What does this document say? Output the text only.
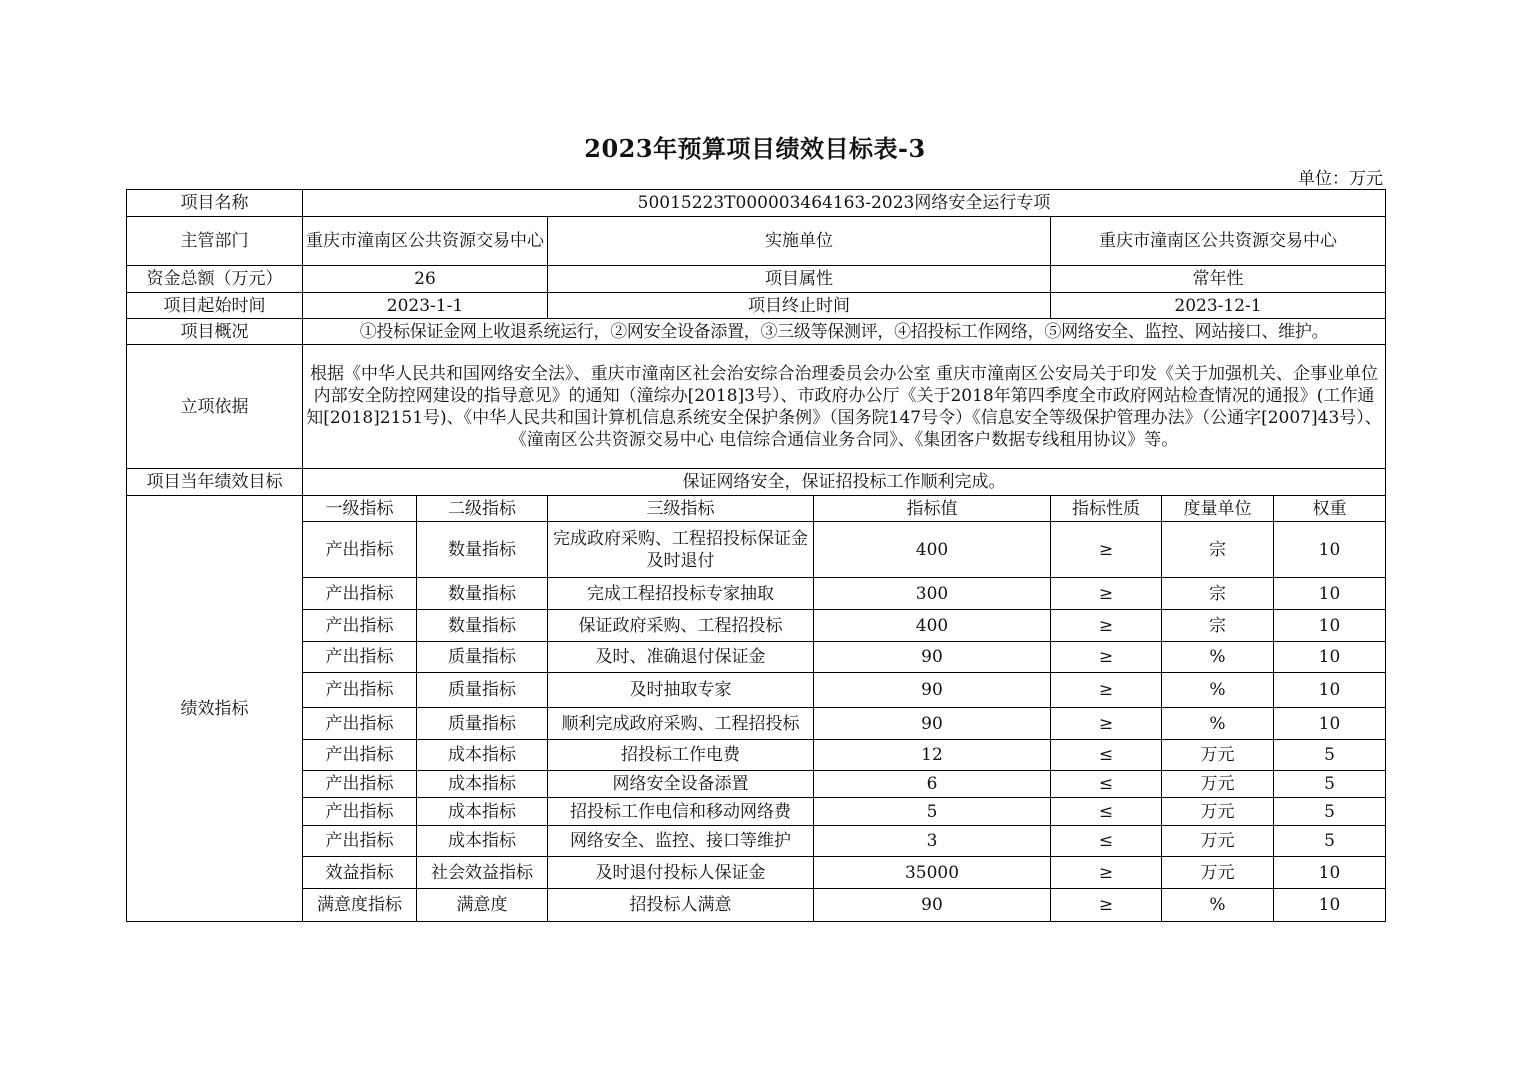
2023年预算项目绩效目标表-3
单位：万元
项目名称	50015223T000003464163-2023网络安全运行专项						
主管部门	重庆市潼南区公共资源交易中心		实施单位		重庆市潼南区公共资源交易中心		
资金总额（万元）	26		项目属性		常年性		
项目起始时间	2023-1-1		项目终止时间		2023-12-1		
项目概况	①投标保证金网上收退系统运行，②网安全设备添置，③三级等保测评，④招投标工作网络，⑤网络安全、监控、网站接口、维护。						
立项依据	根据《中华人民共和国网络安全法》、重庆市潼南区社会治安综合治理委员会办公室 重庆市潼南区公安局关于印发《关于加强机关、企事业单位内部安全防控网建设的指导意见》的通知（潼综办[2018]3号）、市政府办公厅《关于2018年第四季度全市政府网站检查情况的通报》(工作通知[2018]2151号)、《中华人民共和国计算机信息系统安全保护条例》（国务院147号令）《信息安全等级保护管理办法》（公通字[2007]43号）、《潼南区公共资源交易中心 电信综合通信业务合同》、《集团客户数据专线租用协议》等。						
项目当年绩效目标	保证网络安全，保证招投标工作顺利完成。						
绩效指标	一级指标	二级指标	三级指标	指标值	指标性质	度量单位	权重
	产出指标	数量指标	完成政府采购、工程招投标保证金及时退付	400	≥	宗	10
	产出指标	数量指标	完成工程招投标专家抽取	300	≥	宗	10
	产出指标	数量指标	保证政府采购、工程招投标	400	≥	宗	10
	产出指标	质量指标	及时、准确退付保证金	90	≥	%	10
	产出指标	质量指标	及时抽取专家	90	≥	%	10
	产出指标	质量指标	顺利完成政府采购、工程招投标	90	≥	%	10
	产出指标	成本指标	招投标工作电费	12	≤	万元	5
	产出指标	成本指标	网络安全设备添置	6	≤	万元	5
	产出指标	成本指标	招投标工作电信和移动网络费	5	≤	万元	5
	产出指标	成本指标	网络安全、监控、接口等维护	3	≤	万元	5
	效益指标	社会效益指标	及时退付投标人保证金	35000	≥	万元	10
	满意度指标	满意度	招投标人满意	90	≥	%	10
